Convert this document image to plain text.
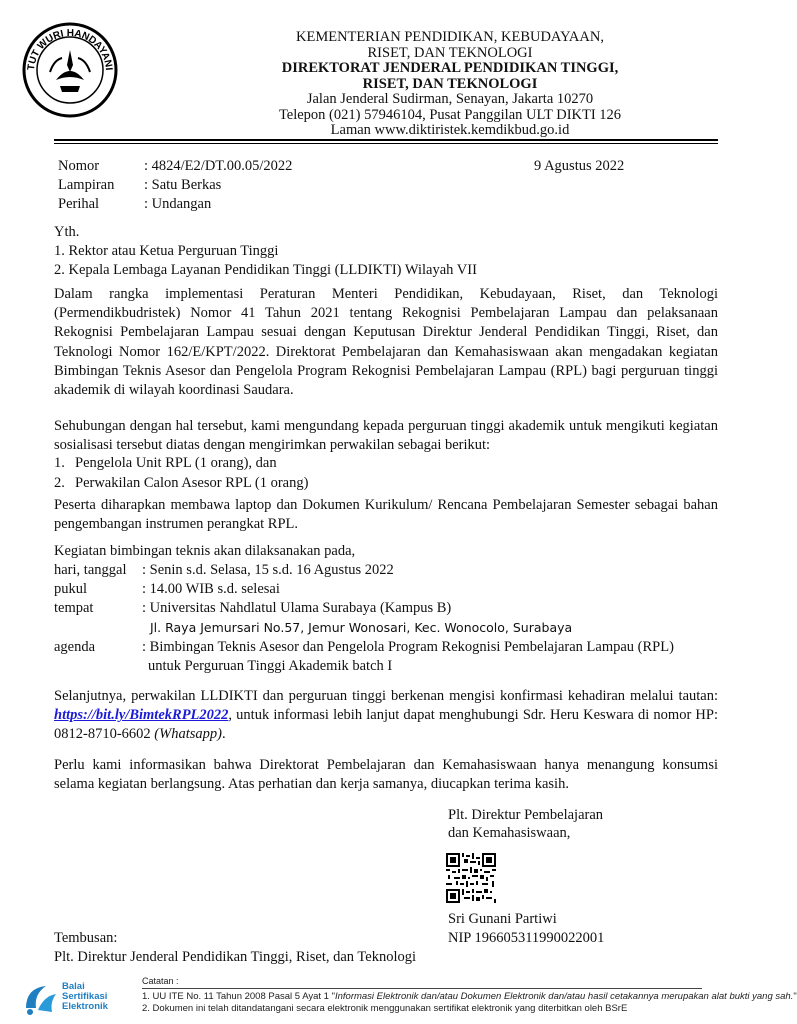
TUT WURI HANDAYANI
KEMENTERIAN PENDIDIKAN, KEBUDAYAAN,
RISET, DAN TEKNOLOGI
DIREKTORAT JENDERAL PENDIDIKAN TINGGI,
RISET, DAN TEKNOLOGI
Jalan Jenderal Sudirman, Senayan, Jakarta 10270
Telepon (021) 57946104, Pusat Panggilan ULT DIKTI 126
Laman www.diktiristek.kemdikbud.go.id
Nomor	: 4824/E2/DT.00.05/2022	9 Agustus 2022
Lampiran : Satu Berkas
Perihal	: Undangan
Yth.
1. Rektor atau Ketua Perguruan Tinggi
2. Kepala Lembaga Layanan Pendidikan Tinggi (LLDIKTI) Wilayah VII
Dalam rangka implementasi Peraturan Menteri Pendidikan, Kebudayaan, Riset, dan Teknologi (Permendikbudristek) Nomor 41 Tahun 2021 tentang Rekognisi Pembelajaran Lampau dan pelaksanaan Rekognisi Pembelajaran Lampau sesuai dengan Keputusan Direktur Jenderal Pendidikan Tinggi, Riset, dan Teknologi Nomor 162/E/KPT/2022. Direktorat Pembelajaran dan Kemahasiswaan akan mengadakan kegiatan Bimbingan Teknis Asesor dan Pengelola Program Rekognisi Pembelajaran Lampau (RPL) bagi perguruan tinggi akademik di wilayah koordinasi Saudara.
Sehubungan dengan hal tersebut, kami mengundang kepada perguruan tinggi akademik untuk mengikuti kegiatan sosialisasi tersebut diatas dengan mengirimkan perwakilan sebagai berikut:
1. Pengelola Unit RPL (1 orang), dan
2. Perwakilan Calon Asesor RPL (1 orang)
Peserta diharapkan membawa laptop dan Dokumen Kurikulum/ Rencana Pembelajaran Semester sebagai bahan pengembangan instrumen perangkat RPL.
Kegiatan bimbingan teknis akan dilaksanakan pada,
hari, tanggal : Senin s.d. Selasa, 15 s.d. 16 Agustus 2022
pukul	: 14.00 WIB s.d. selesai
tempat	: Universitas Nahdlatul Ulama Surabaya (Kampus B)
Jl. Raya Jemursari No.57, Jemur Wonosari, Kec. Wonocolo, Surabaya
agenda	: Bimbingan Teknis Asesor dan Pengelola Program Rekognisi Pembelajaran Lampau (RPL)
untuk Perguruan Tinggi Akademik batch I
Selanjutnya, perwakilan LLDIKTI dan perguruan tinggi berkenan mengisi konfirmasi kehadiran melalui tautan: https://bit.ly/BimtekRPL2022, untuk informasi lebih lanjut dapat menghubungi Sdr. Heru Keswara di nomor HP: 0812-8710-6602 (Whatsapp).
Perlu kami informasikan bahwa Direktorat Pembelajaran dan Kemahasiswaan hanya menangung konsumsi selama kegiatan berlangsung. Atas perhatian dan kerja samanya, diucapkan terima kasih.
Plt. Direktur Pembelajaran
dan Kemahasiswaan,
Sri Gunani Partiwi
NIP 196605311990022001
Tembusan:
Plt. Direktur Jenderal Pendidikan Tinggi, Riset, dan Teknologi
Balai
Sertifikasi
Elektronik
Catatan :
1. UU ITE No. 11 Tahun 2008 Pasal 5 Ayat 1 "Informasi Elektronik dan/atau Dokumen Elektronik dan/atau hasil cetakannya merupakan alat bukti yang sah."
2. Dokumen ini telah ditandatangani secara elektronik menggunakan sertifikat elektronik yang diterbitkan oleh BSrE
